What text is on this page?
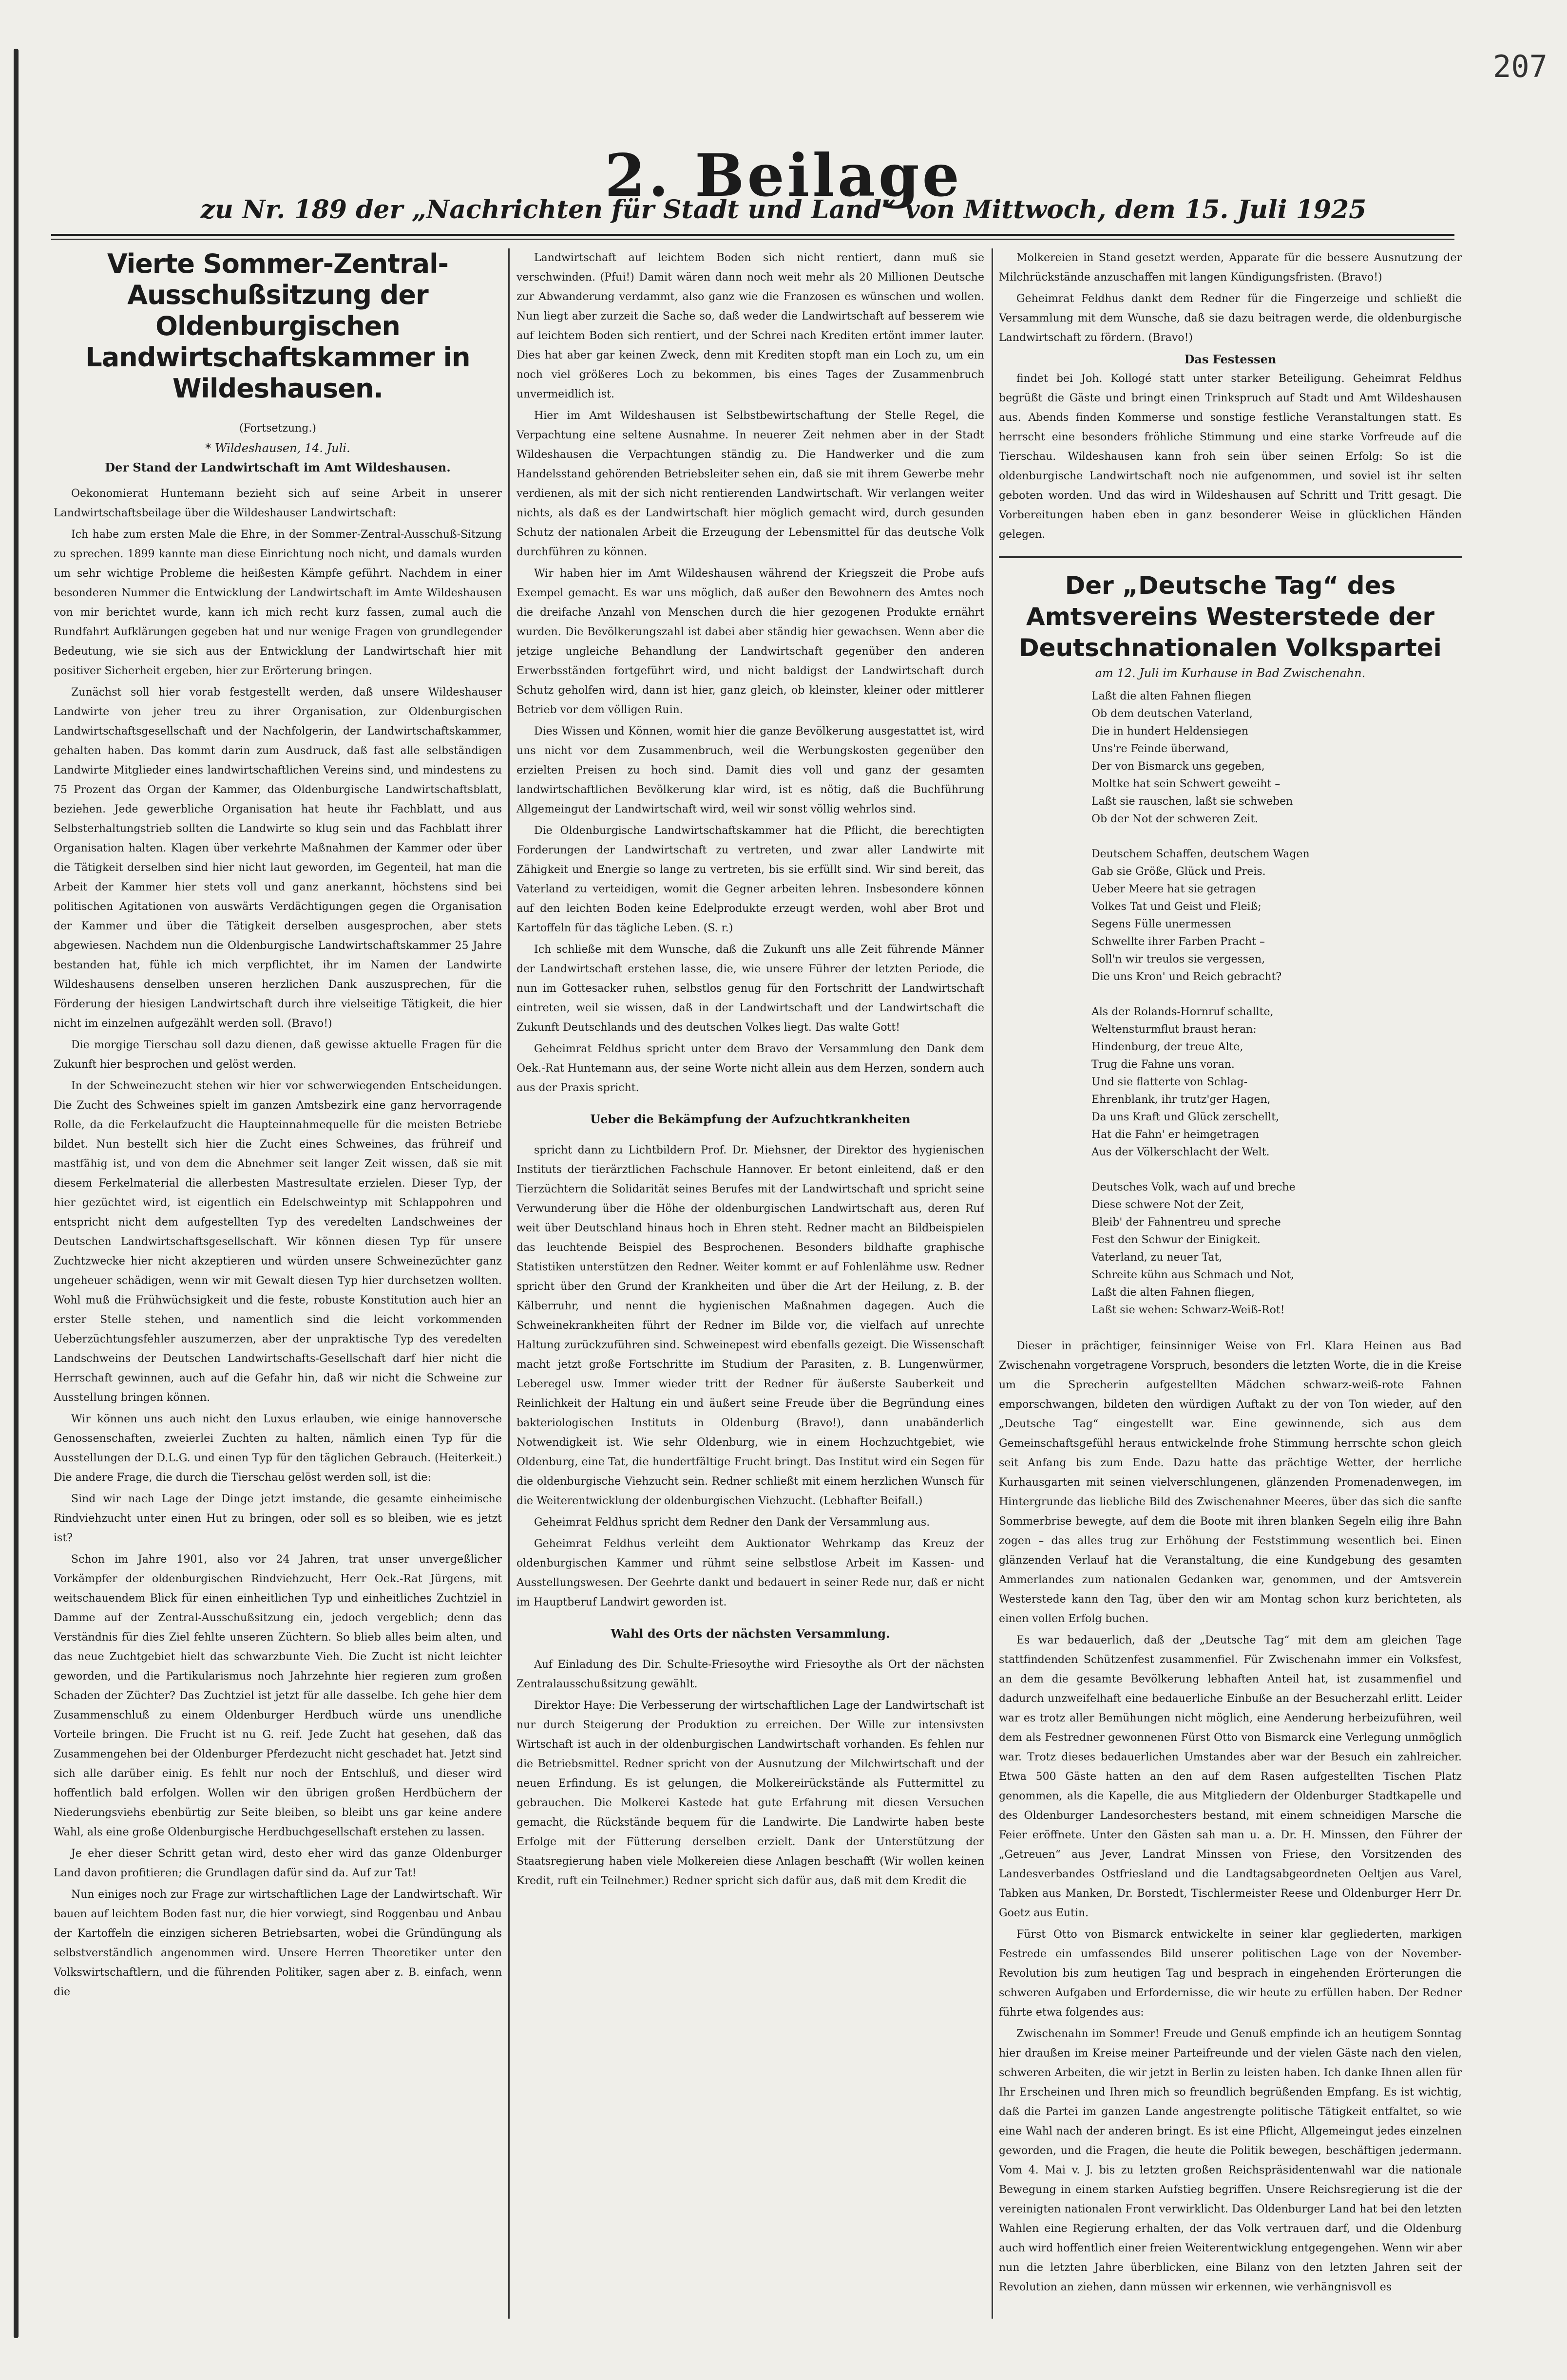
207
2. Beilage
zu Nr. 189 der „Nachrichten für Stadt und Land“ von Mittwoch, dem 15. Juli 1925
Vierte Sommer-Zentral-Ausschußsitzung der Oldenburgischen Landwirtschaftskammer in Wildeshausen.
(Fortsetzung.)
* Wildeshausen, 14. Juli.
Der Stand der Landwirtschaft im Amt Wildeshausen.

Oekonomierat Huntemann bezieht sich auf seine Arbeit in unserer Landwirtschaftsbeilage über die Wildeshauser Landwirtschaft:

Ich habe zum ersten Male die Ehre, in der Sommer-Zentral-Ausschuß-Sitzung zu sprechen. 1899 kannte man diese Einrichtung noch nicht, und damals wurden um sehr wichtige Probleme die heißesten Kämpfe geführt. Nachdem in einer besonderen Nummer die Entwicklung der Landwirtschaft im Amte Wildeshausen von mir berichtet wurde, kann ich mich recht kurz fassen, zumal auch die Rundfahrt Aufklärungen gegeben hat und nur wenige Fragen von grundlegender Bedeutung, wie sie sich aus der Entwicklung der Landwirtschaft hier mit positiver Sicherheit ergeben, hier zur Erörterung bringen.

Zunächst soll hier vorab festgestellt werden, daß unsere Wildeshauser Landwirte von jeher treu zu ihrer Organisation, zur Oldenburgischen Landwirtschaftsgesellschaft und der Nachfolgerin, der Landwirtschaftskammer, gehalten haben. Das kommt darin zum Ausdruck, daß fast alle selbständigen Landwirte Mitglieder eines landwirtschaftlichen Vereins sind, und mindestens zu 75 Prozent das Organ der Kammer, das Oldenburgische Landwirtschaftsblatt, beziehen. Jede gewerbliche Organisation hat heute ihr Fachblatt, und aus Selbsterhaltungstrieb sollten die Landwirte so klug sein und das Fachblatt ihrer Organisation halten. Klagen über verkehrte Maßnahmen der Kammer oder über die Tätigkeit derselben sind hier nicht laut geworden, im Gegenteil, hat man die Arbeit der Kammer hier stets voll und ganz anerkannt, höchstens sind bei politischen Agitationen von auswärts Verdächtigungen gegen die Organisation der Kammer und über die Tätigkeit derselben ausgesprochen, aber stets abgewiesen. Nachdem nun die Oldenburgische Landwirtschaftskammer 25 Jahre bestanden hat, fühle ich mich verpflichtet, ihr im Namen der Landwirte Wildeshausens denselben unseren herzlichen Dank auszusprechen, für die Förderung der hiesigen Landwirtschaft durch ihre vielseitige Tätigkeit, die hier nicht im einzelnen aufgezählt werden soll. (Bravo!)

Die morgige Tierschau soll dazu dienen, daß gewisse aktuelle Fragen für die Zukunft hier besprochen und gelöst werden.

In der Schweinezucht stehen wir hier vor schwerwiegenden Entscheidungen. Die Zucht des Schweines spielt im ganzen Amtsbezirk eine ganz hervorragende Rolle, da die Ferkelaufzucht die Haupteinnahmequelle für die meisten Betriebe bildet. Nun bestellt sich hier die Zucht eines Schweines, das frühreif und mastfähig ist, und von dem die Abnehmer seit langer Zeit wissen, daß sie mit diesem Ferkelmaterial die allerbesten Mastresultate erzielen. Dieser Typ, der hier gezüchtet wird, ist eigentlich ein Edelschweintyp mit Schlappohren und entspricht nicht dem aufgestellten Typ des veredelten Landschweines der Deutschen Landwirtschaftsgesellschaft. Wir können diesen Typ für unsere Zuchtzwecke hier nicht akzeptieren und würden unsere Schweinezüchter ganz ungeheuer schädigen, wenn wir mit Gewalt diesen Typ hier durchsetzen wollten. Wohl muß die Frühwüchsigkeit und die feste, robuste Konstitution auch hier an erster Stelle stehen, und namentlich sind die leicht vorkommenden Ueberzüchtungsfehler auszumerzen, aber der unpraktische Typ des veredelten Landschweins der Deutschen Landwirtschafts-Gesellschaft darf hier nicht die Herrschaft gewinnen, auch auf die Gefahr hin, daß wir nicht die Schweine zur Ausstellung bringen können.

Wir können uns auch nicht den Luxus erlauben, wie einige hannoversche Genossenschaften, zweierlei Zuchten zu halten, nämlich einen Typ für die Ausstellungen der D.L.G. und einen Typ für den täglichen Gebrauch. (Heiterkeit.) Die andere Frage, die durch die Tierschau gelöst werden soll, ist die:

Sind wir nach Lage der Dinge jetzt imstande, die gesamte einheimische Rindviehzucht unter einen Hut zu bringen, oder soll es so bleiben, wie es jetzt ist?

Schon im Jahre 1901, also vor 24 Jahren, trat unser unvergeßlicher Vorkämpfer der oldenburgischen Rindviehzucht, Herr Oek.-Rat Jürgens, mit weitschauendem Blick für einen einheitlichen Typ und einheitliches Zuchtziel in Damme auf der Zentral-Ausschußsitzung ein, jedoch vergeblich; denn das Verständnis für dies Ziel fehlte unseren Züchtern. So blieb alles beim alten, und das neue Zuchtgebiet hielt das schwarzbunte Vieh. Die Zucht ist nicht leichter geworden, und die Partikularismus noch Jahrzehnte hier regieren zum großen Schaden der Züchter? Das Zuchtziel ist jetzt für alle dasselbe. Ich gehe hier dem Zusammenschluß zu einem Oldenburger Herdbuch würde uns unendliche Vorteile bringen. Die Frucht ist nu G. reif. Jede Zucht hat gesehen, daß das Zusammengehen bei der Oldenburger Pferdezucht nicht geschadet hat. Jetzt sind sich alle darüber einig. Es fehlt nur noch der Entschluß, und dieser wird hoffentlich bald erfolgen. Wollen wir den übrigen großen Herdbüchern der Niederungsviehs ebenbürtig zur Seite bleiben, so bleibt uns gar keine andere Wahl, als eine große Oldenburgische Herdbuchgesellschaft erstehen zu lassen.

Je eher dieser Schritt getan wird, desto eher wird das ganze Oldenburger Land davon profitieren; die Grundlagen dafür sind da. Auf zur Tat!

Nun einiges noch zur Frage zur wirtschaftlichen Lage der Landwirtschaft. Wir bauen auf leichtem Boden fast nur, die hier vorwiegt, sind Roggenbau und Anbau der Kartoffeln die einzigen sicheren Betriebsarten, wobei die Gründüngung als selbstverständlich angenommen wird. Unsere Herren Theoretiker unter den Volkswirtschaftlern, und die führenden Politiker, sagen aber z. B. einfach, wenn die

Landwirtschaft auf leichtem Boden sich nicht rentiert, dann muß sie verschwinden. (Pfui!) Damit wären dann noch weit mehr als 20 Millionen Deutsche zur Abwanderung verdammt, also ganz wie die Franzosen es wünschen und wollen. Nun liegt aber zurzeit die Sache so, daß weder die Landwirtschaft auf besserem wie auf leichtem Boden sich rentiert, und der Schrei nach Krediten ertönt immer lauter. Dies hat aber gar keinen Zweck, denn mit Krediten stopft man ein Loch zu, um ein noch viel größeres Loch zu bekommen, bis eines Tages der Zusammenbruch unvermeidlich ist.

Hier im Amt Wildeshausen ist Selbstbewirtschaftung der Stelle Regel, die Verpachtung eine seltene Ausnahme. In neuerer Zeit nehmen aber in der Stadt Wildeshausen die Verpachtungen ständig zu. Die Handwerker und die zum Handelsstand gehörenden Betriebsleiter sehen ein, daß sie mit ihrem Gewerbe mehr verdienen, als mit der sich nicht rentierenden Landwirtschaft. Wir verlangen weiter nichts, als daß es der Landwirtschaft hier möglich gemacht wird, durch gesunden Schutz der nationalen Arbeit die Erzeugung der Lebensmittel für das deutsche Volk durchführen zu können.

Wir haben hier im Amt Wildeshausen während der Kriegszeit die Probe aufs Exempel gemacht. Es war uns möglich, daß außer den Bewohnern des Amtes noch die dreifache Anzahl von Menschen durch die hier gezogenen Produkte ernährt wurden. Die Bevölkerungszahl ist dabei aber ständig hier gewachsen. Wenn aber die jetzige ungleiche Behandlung der Landwirtschaft gegenüber den anderen Erwerbsständen fortgeführt wird, und nicht baldigst der Landwirtschaft durch Schutz geholfen wird, dann ist hier, ganz gleich, ob kleinster, kleiner oder mittlerer Betrieb vor dem völligen Ruin.

Dies Wissen und Können, womit hier die ganze Bevölkerung ausgestattet ist, wird uns nicht vor dem Zusammenbruch, weil die Werbungskosten gegenüber den erzielten Preisen zu hoch sind. Damit dies voll und ganz der gesamten landwirtschaftlichen Bevölkerung klar wird, ist es nötig, daß die Buchführung Allgemeingut der Landwirtschaft wird, weil wir sonst völlig wehrlos sind.

Die Oldenburgische Landwirtschaftskammer hat die Pflicht, die berechtigten Forderungen der Landwirtschaft zu vertreten, und zwar aller Landwirte mit Zähigkeit und Energie so lange zu vertreten, bis sie erfüllt sind. Wir sind bereit, das Vaterland zu verteidigen, womit die Gegner arbeiten lehren. Insbesondere können auf den leichten Boden keine Edelprodukte erzeugt werden, wohl aber Brot und Kartoffeln für das tägliche Leben. (S. r.)

Ich schließe mit dem Wunsche, daß die Zukunft uns alle Zeit führende Männer der Landwirtschaft erstehen lasse, die, wie unsere Führer der letzten Periode, die nun im Gottesacker ruhen, selbstlos genug für den Fortschritt der Landwirtschaft eintreten, weil sie wissen, daß in der Landwirtschaft und der Landwirtschaft die Zukunft Deutschlands und des deutschen Volkes liegt. Das walte Gott!

Geheimrat Feldhus spricht unter dem Bravo der Versammlung den Dank dem Oek.-Rat Huntemann aus, der seine Worte nicht allein aus dem Herzen, sondern auch aus der Praxis spricht.

Ueber die Bekämpfung der Aufzuchtkrankheiten

spricht dann zu Lichtbildern Prof. Dr. Miehsner, der Direktor des hygienischen Instituts der tierärztlichen Fachschule Hannover. Er betont einleitend, daß er den Tierzüchtern die Solidarität seines Berufes mit der Landwirtschaft und spricht seine Verwunderung über die Höhe der oldenburgischen Landwirtschaft aus, deren Ruf weit über Deutschland hinaus hoch in Ehren steht. Redner macht an Bildbeispielen das leuchtende Beispiel des Besprochenen. Besonders bildhafte graphische Statistiken unterstützen den Redner. Weiter kommt er auf Fohlenlähme usw. Redner spricht über den Grund der Krankheiten und über die Art der Heilung, z. B. der Kälberruhr, und nennt die hygienischen Maßnahmen dagegen. Auch die Schweinekrankheiten führt der Redner im Bilde vor, die vielfach auf unrechte Haltung zurückzuführen sind. Schweinepest wird ebenfalls gezeigt. Die Wissenschaft macht jetzt große Fortschritte im Studium der Parasiten, z. B. Lungenwürmer, Leberegel usw. Immer wieder tritt der Redner für äußerste Sauberkeit und Reinlichkeit der Haltung ein und äußert seine Freude über die Begründung eines bakteriologischen Instituts in Oldenburg (Bravo!), dann unabänderlich Notwendigkeit ist. Wie sehr Oldenburg, wie in einem Hochzuchtgebiet, wie Oldenburg, eine Tat, die hundertfältige Frucht bringt. Das Institut wird ein Segen für die oldenburgische Viehzucht sein. Redner schließt mit einem herzlichen Wunsch für die Weiterentwicklung der oldenburgischen Viehzucht. (Lebhafter Beifall.)

Geheimrat Feldhus spricht dem Redner den Dank der Versammlung aus.

Geheimrat Feldhus verleiht dem Auktionator Wehrkamp das Kreuz der oldenburgischen Kammer und rühmt seine selbstlose Arbeit im Kassen- und Ausstellungswesen. Der Geehrte dankt und bedauert in seiner Rede nur, daß er nicht im Hauptberuf Landwirt geworden ist.

Wahl des Orts der nächsten Versammlung.

Auf Einladung des Dir. Schulte-Friesoythe wird Friesoythe als Ort der nächsten Zentralausschußsitzung gewählt.

Direktor Haye: Die Verbesserung der wirtschaftlichen Lage der Landwirtschaft ist nur durch Steigerung der Produktion zu erreichen. Der Wille zur intensivsten Wirtschaft ist auch in der oldenburgischen Landwirtschaft vorhanden. Es fehlen nur die Betriebsmittel. Redner spricht von der Ausnutzung der Milchwirtschaft und der neuen Erfindung. Es ist gelungen, die Molkereirückstände als Futtermittel zu gebrauchen. Die Molkerei Kastede hat gute Erfahrung mit diesen Versuchen gemacht, die Rückstände bequem für die Landwirte. Die Landwirte haben beste Erfolge mit der Fütterung derselben erzielt. Dank der Unterstützung der Staatsregierung haben viele Molkereien diese Anlagen beschafft (Wir wollen keinen Kredit, ruft ein Teilnehmer.) Redner spricht sich dafür aus, daß mit dem Kredit die

Molkereien in Stand gesetzt werden, Apparate für die bessere Ausnutzung der Milchrückstände anzuschaffen mit langen Kündigungsfristen. (Bravo!)

Geheimrat Feldhus dankt dem Redner für die Fingerzeige und schließt die Versammlung mit dem Wunsche, daß sie dazu beitragen werde, die oldenburgische Landwirtschaft zu fördern. (Bravo!)

Das Festessen

findet bei Joh. Kollogé statt unter starker Beteiligung. Geheimrat Feldhus begrüßt die Gäste und bringt einen Trinkspruch auf Stadt und Amt Wildeshausen aus. Abends finden Kommerse und sonstige festliche Veranstaltungen statt. Es herrscht eine besonders fröhliche Stimmung und eine starke Vorfreude auf die Tierschau. Wildeshausen kann froh sein über seinen Erfolg: So ist die oldenburgische Landwirtschaft noch nie aufgenommen, und soviel ist ihr selten geboten worden. Und das wird in Wildeshausen auf Schritt und Tritt gesagt. Die Vorbereitungen haben eben in ganz besonderer Weise in glücklichen Händen gelegen.

Der „Deutsche Tag“ des Amtsvereins Westerstede der Deutschnationalen Volkspartei
am 12. Juli im Kurhause in Bad Zwischenahn.
Laßt die alten Fahnen fliegen
Ob dem deutschen Vaterland,
Die in hundert Heldensiegen
Uns're Feinde überwand,
Der von Bismarck uns gegeben,
Moltke hat sein Schwert geweiht –
Laßt sie rauschen, laßt sie schweben
Ob der Not der schweren Zeit.
Deutschem Schaffen, deutschem Wagen
Gab sie Größe, Glück und Preis.
Ueber Meere hat sie getragen
Volkes Tat und Geist und Fleiß;
Segens Fülle unermessen
Schwellte ihrer Farben Pracht –
Soll'n wir treulos sie vergessen,
Die uns Kron' und Reich gebracht?
Als der Rolands-Hornruf schallte,
Weltensturmflut braust heran:
Hindenburg, der treue Alte,
Trug die Fahne uns voran.
Und sie flatterte von Schlag-
Ehrenblank, ihr trutz'ger Hagen,
Da uns Kraft und Glück zerschellt,
Hat die Fahn' er heimgetragen
Aus der Völkerschlacht der Welt.
Deutsches Volk, wach auf und breche
Diese schwere Not der Zeit,
Bleib' der Fahnentreu und spreche
Fest den Schwur der Einigkeit.
Vaterland, zu neuer Tat,
Schreite kühn aus Schmach und Not,
Laßt die alten Fahnen fliegen,
Laßt sie wehen: Schwarz-Weiß-Rot!

Dieser in prächtiger, feinsinniger Weise von Frl. Klara Heinen aus Bad Zwischenahn vorgetragene Vorspruch, besonders die letzten Worte, die in die Kreise um die Sprecherin aufgestellten Mädchen schwarz-weiß-rote Fahnen emporschwangen, bildeten den würdigen Auftakt zu der von Ton wieder, auf den „Deutsche Tag“ eingestellt war. Eine gewinnende, sich aus dem Gemeinschaftsgefühl heraus entwickelnde frohe Stimmung herrschte schon gleich seit Anfang bis zum Ende. Dazu hatte das prächtige Wetter, der herrliche Kurhausgarten mit seinen vielverschlungenen, glänzenden Promenadenwegen, im Hintergrunde das liebliche Bild des Zwischenahner Meeres, über das sich die sanfte Sommerbrise bewegte, auf dem die Boote mit ihren blanken Segeln eilig ihre Bahn zogen – das alles trug zur Erhöhung der Feststimmung wesentlich bei. Einen glänzenden Verlauf hat die Veranstaltung, die eine Kundgebung des gesamten Ammerlandes zum nationalen Gedanken war, genommen, und der Amtsverein Westerstede kann den Tag, über den wir am Montag schon kurz berichteten, als einen vollen Erfolg buchen.

Es war bedauerlich, daß der „Deutsche Tag“ mit dem am gleichen Tage stattfindenden Schützenfest zusammenfiel. Für Zwischenahn immer ein Volksfest, an dem die gesamte Bevölkerung lebhaften Anteil hat, ist zusammenfiel und dadurch unzweifelhaft eine bedauerliche Einbuße an der Besucherzahl erlitt. Leider war es trotz aller Bemühungen nicht möglich, eine Aenderung herbeizuführen, weil dem als Festredner gewonnenen Fürst Otto von Bismarck eine Verlegung unmöglich war. Trotz dieses bedauerlichen Umstandes aber war der Besuch ein zahlreicher. Etwa 500 Gäste hatten an den auf dem Rasen aufgestellten Tischen Platz genommen, als die Kapelle, die aus Mitgliedern der Oldenburger Stadtkapelle und des Oldenburger Landesorchesters bestand, mit einem schneidigen Marsche die Feier eröffnete. Unter den Gästen sah man u. a. Dr. H. Minssen, den Führer der „Getreuen“ aus Jever, Landrat Minssen von Friese, den Vorsitzenden des Landesverbandes Ostfriesland und die Landtagsabgeordneten Oeltjen aus Varel, Tabken aus Manken, Dr. Borstedt, Tischlermeister Reese und Oldenburger Herr Dr. Goetz aus Eutin.

Fürst Otto von Bismarck entwickelte in seiner klar gegliederten, markigen Festrede ein umfassendes Bild unserer politischen Lage von der November-Revolution bis zum heutigen Tag und besprach in eingehenden Erörterungen die schweren Aufgaben und Erfordernisse, die wir heute zu erfüllen haben. Der Redner führte etwa folgendes aus:

Zwischenahn im Sommer! Freude und Genuß empfinde ich an heutigem Sonntag hier draußen im Kreise meiner Parteifreunde und der vielen Gäste nach den vielen, schweren Arbeiten, die wir jetzt in Berlin zu leisten haben. Ich danke Ihnen allen für Ihr Erscheinen und Ihren mich so freundlich begrüßenden Empfang. Es ist wichtig, daß die Partei im ganzen Lande angestrengte politische Tätigkeit entfaltet, so wie eine Wahl nach der anderen bringt. Es ist eine Pflicht, Allgemeingut jedes einzelnen geworden, und die Fragen, die heute die Politik bewegen, beschäftigen jedermann. Vom 4. Mai v. J. bis zu letzten großen Reichspräsidentenwahl war die nationale Bewegung in einem starken Aufstieg begriffen. Unsere Reichsregierung ist die der vereinigten nationalen Front verwirklicht. Das Oldenburger Land hat bei den letzten Wahlen eine Regierung erhalten, der das Volk vertrauen darf, und die Oldenburg auch wird hoffentlich einer freien Weiterentwicklung entgegengehen. Wenn wir aber nun die letzten Jahre überblicken, eine Bilanz von den letzten Jahren seit der Revolution an ziehen, dann müssen wir erkennen, wie verhängnisvoll es
